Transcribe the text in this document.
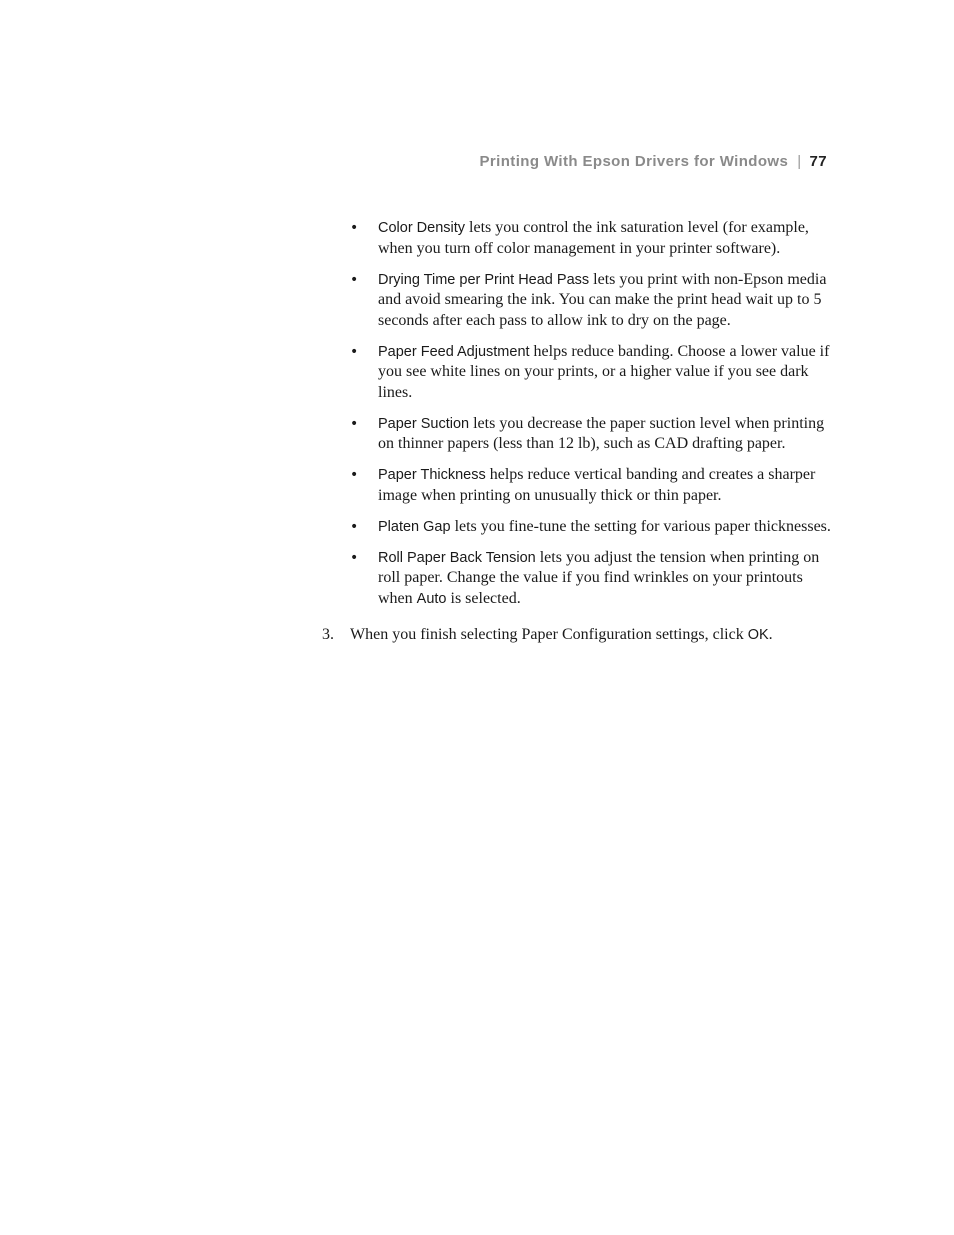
Printing With Epson Drivers for Windows | 77
• Color Density lets you control the ink saturation level (for example, when you turn off color management in your printer software).
• Drying Time per Print Head Pass lets you print with non-Epson media and avoid smearing the ink. You can make the print head wait up to 5 seconds after each pass to allow ink to dry on the page.
• Paper Feed Adjustment helps reduce banding. Choose a lower value if you see white lines on your prints, or a higher value if you see dark lines.
• Paper Suction lets you decrease the paper suction level when printing on thinner papers (less than 12 lb), such as CAD drafting paper.
• Paper Thickness helps reduce vertical banding and creates a sharper image when printing on unusually thick or thin paper.
• Platen Gap lets you fine-tune the setting for various paper thicknesses.
• Roll Paper Back Tension lets you adjust the tension when printing on roll paper. Change the value if you find wrinkles on your printouts when Auto is selected.
3. When you finish selecting Paper Configuration settings, click OK.
